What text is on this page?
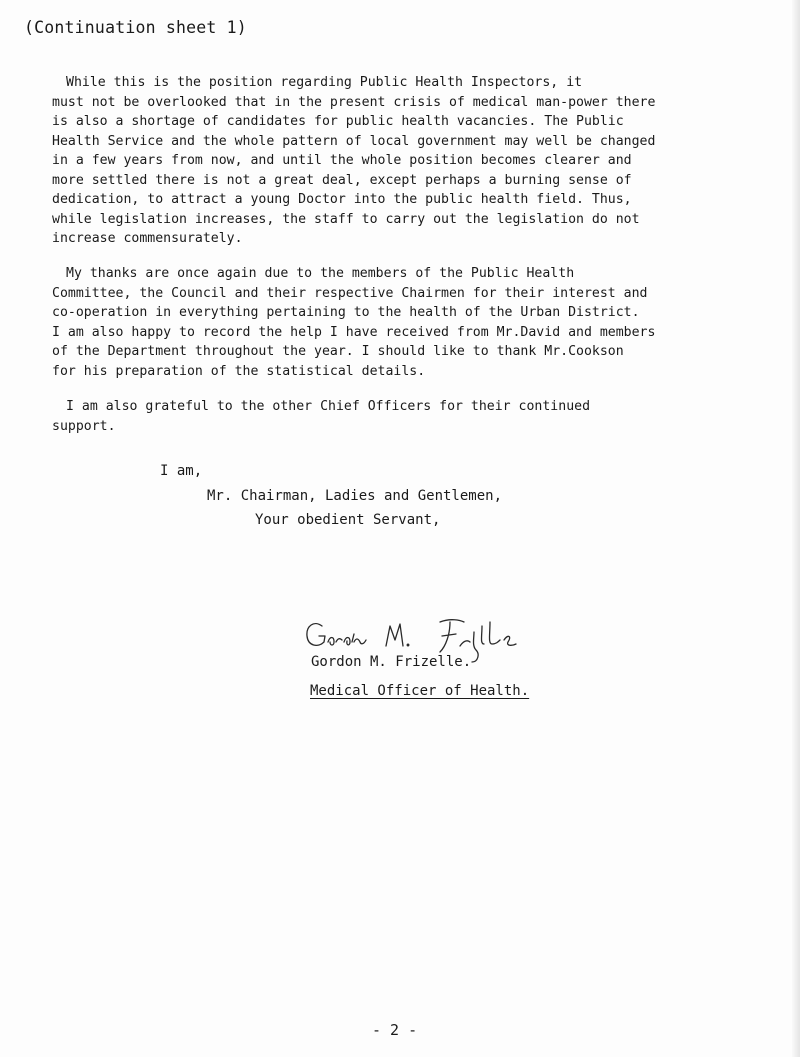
(Continuation sheet 1)
While this is the position regarding Public Health Inspectors, it
must not be overlooked that in the present crisis of medical man-power there
is also a shortage of candidates for public health vacancies. The Public
Health Service and the whole pattern of local government may well be changed
in a few years from now, and until the whole position becomes clearer and
more settled there is not a great deal, except perhaps a burning sense of
dedication, to attract a young Doctor into the public health field. Thus,
while legislation increases, the staff to carry out the legislation do not
increase commensurately.
My thanks are once again due to the members of the Public Health
Committee, the Council and their respective Chairmen for their interest and
co-operation in everything pertaining to the health of the Urban District.
I am also happy to record the help I have received from Mr.David and members
of the Department throughout the year. I should like to thank Mr.Cookson
for his preparation of the statistical details.
I am also grateful to the other Chief Officers for their continued
support.
I am,
Mr. Chairman, Ladies and Gentlemen,
Your obedient Servant,
Gordon M. Frizelle.
Medical Officer of Health.
- 2 -
